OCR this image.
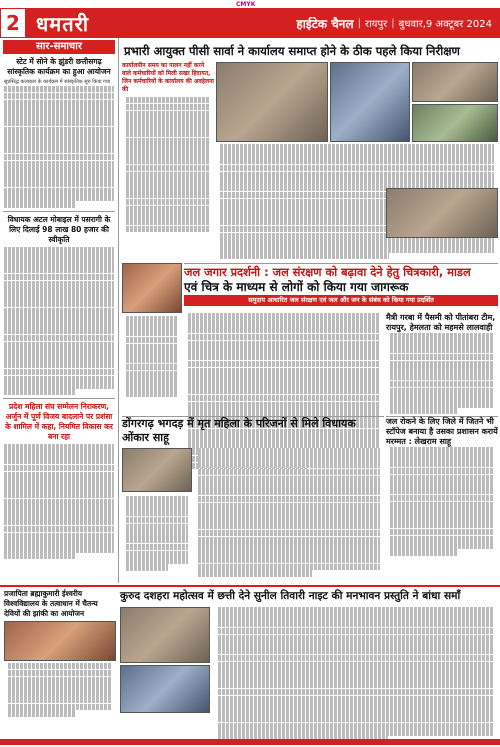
CMYK
2 धमतरी	हाईटेक चैनल | रायपुर | बुधवार,9 अक्टूबर 2024
सार-समाचार
स्टेट में सोने के झुंडरी छत्तीसगढ़ सांस्कृतिक कार्यक्रम का हुआ आयोजन
सुप्रसिद्ध कलाकार के कार्यक्रम में सांस्कृतिक सुरु किया गया
विधायक अटल मोबाइल में पसरागी के लिए दिलाई 98 लाख 80 हजार की स्वीकृति
प्रदेश महिला संघ सम्मेलन निराकरण, अर्जुन में पूर्ण विजय बादलाने पर प्रशंसा के शामिल में कहा, नियमित विकास कर बना रहा
प्रभारी आयुक्त पीसी सार्वा ने कार्यालय समाप्त होने के ठीक पहले किया निरीक्षण
कार्यालयीन समय का पालन नहीं करने वाले कर्मचारियों को मिली सख्त हिदायत, जिन कर्मचारियों के कार्यालय की अवहेलना की
जल जगार प्रदर्शनी : जल संरक्षण को बढ़ावा देने हेतु चित्रकारी, माडल
एवं चित्र के माध्यम से लोगों को किया गया जागरूक
समुदाय आधारित जल संरक्षण एवं जल और जन के संबंध को किया गया प्रदर्शित
मैत्री गरबा में पैसमी को पीतांबरा टीम, रायपुर, हेमलता को महमसे लालवाही
डोंगरगढ़ भगदड़ में मृत महिला के परिजनों से मिले विधायक ओंकार साहू
जल रोकने के लिए जिले में जितने भी स्टॉपेज बनाया है उसका प्रशासन करायें मरम्मत : लेखराम साहू
प्रजापिता ब्रह्माकुमारी ईश्वरीय विश्वविद्यालय के तत्वाधान में चैतन्य देवियों की झांकी का आयोजन
कुरुद दशहरा महोत्सव में छत्ती देने सुनील तिवारी नाइट की मनभावन प्रस्तुति ने बांधा समाँ
